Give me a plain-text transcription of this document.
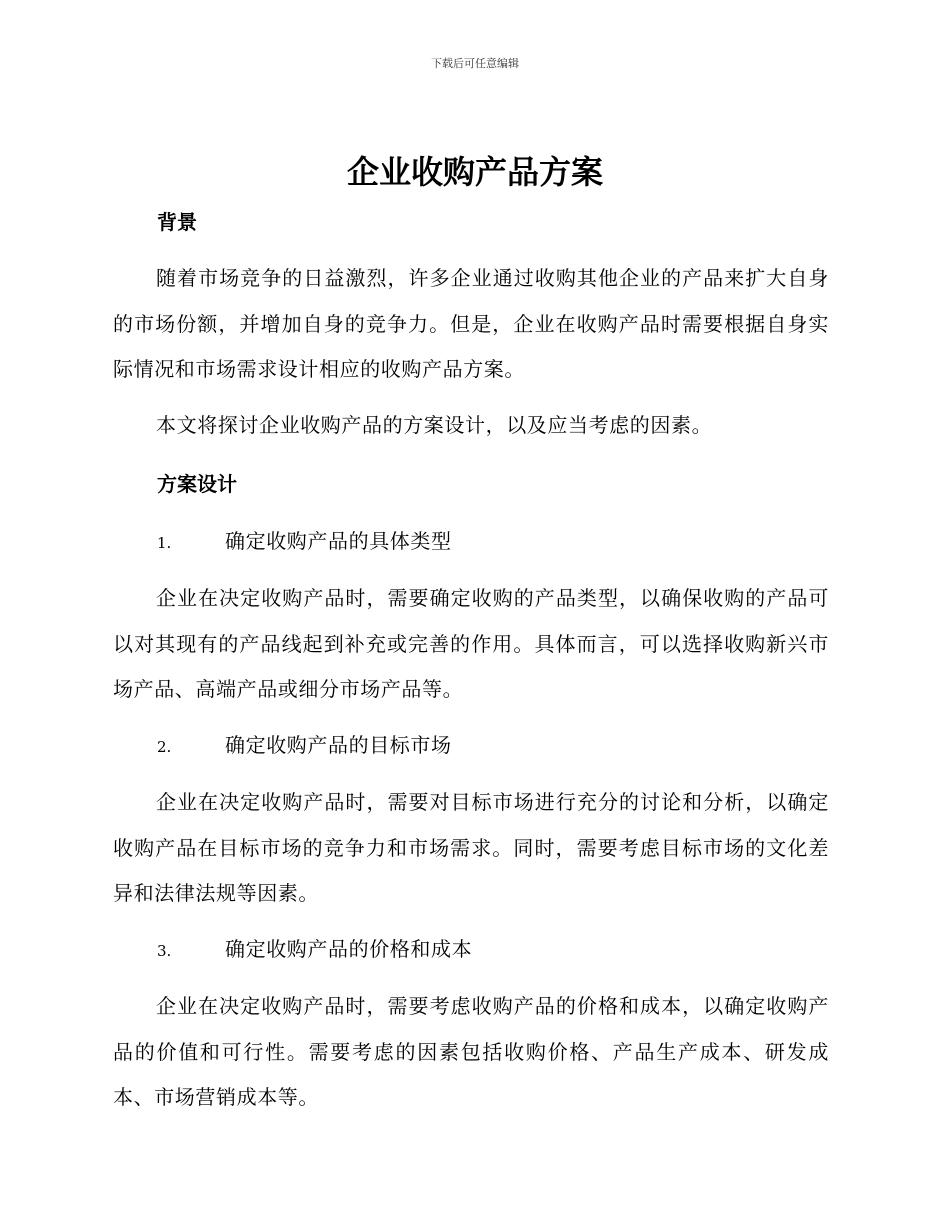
下载后可任意编辑
企业收购产品方案
背景

随着市场竞争的日益激烈，许多企业通过收购其他企业的产品来扩大自身的市场份额，并增加自身的竞争力。但是，企业在收购产品时需要根据自身实际情况和市场需求设计相应的收购产品方案。

本文将探讨企业收购产品的方案设计，以及应当考虑的因素。

方案设计
1.	确定收购产品的具体类型

企业在决定收购产品时，需要确定收购的产品类型，以确保收购的产品可以对其现有的产品线起到补充或完善的作用。具体而言，可以选择收购新兴市场产品、高端产品或细分市场产品等。

2.	确定收购产品的目标市场

企业在决定收购产品时，需要对目标市场进行充分的讨论和分析，以确定收购产品在目标市场的竞争力和市场需求。同时，需要考虑目标市场的文化差异和法律法规等因素。

3.	确定收购产品的价格和成本

企业在决定收购产品时，需要考虑收购产品的价格和成本，以确定收购产品的价值和可行性。需要考虑的因素包括收购价格、产品生产成本、研发成本、市场营销成本等。
